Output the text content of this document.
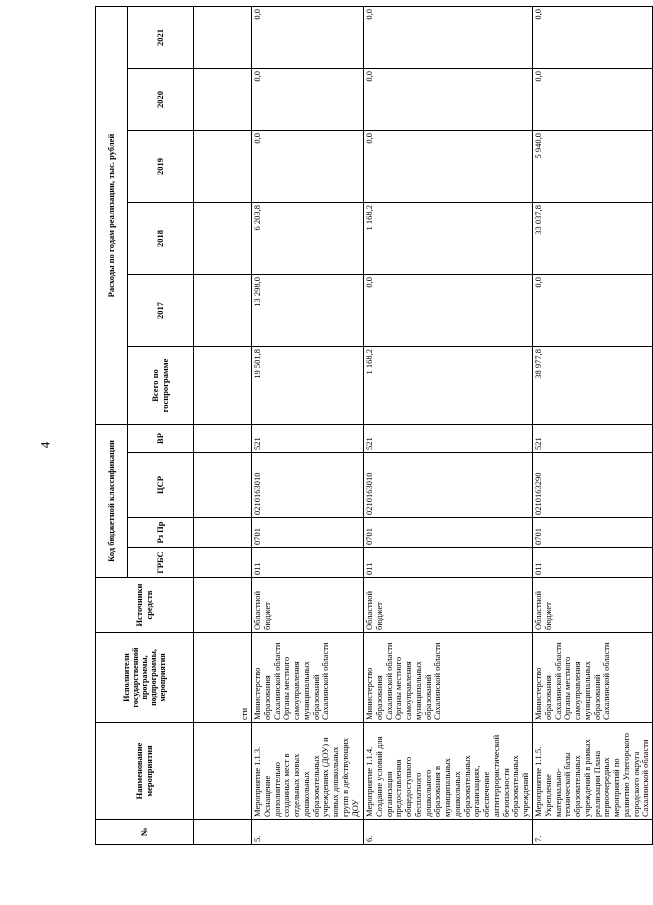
4
№	Наименование мероприятия	Исполнители государственной программы, подпрограммы, мероприятия	Источники средств	Код бюджетной классификации				Расходы по годам реализации, тыс. рублей					
				ГРБС	Рз Пр	ЦСР	ВР	Всего по госпрограмме	2017	2018	2019	2020	2021
		сти											
5.	Мероприятие 1.1.3. Оснащение дополнительно созданных мест в отдельных новых дошкольных образовательных учреждениях (ДОУ) и новых дошкольных групп в действующих ДОУ	Министерство образования Сахалинской области Органы местного самоуправления муниципальных образований Сахалинской области	Областной бюджет	011	0701	0210163010	521	19 501,8	13 298,0	6 203,8	0,0	0,0	0,0
6.	Мероприятие 1.1.4. Создание условий для организации предоставления общедоступного бесплатного дошкольного образования в муниципальных дошкольных образовательных организациях, обеспечение антитеррористической безопасности образовательных учреждений	Министерство образования Сахалинской области Органы местного самоуправления муниципальных образований Сахалинской области	Областной бюджет	011	0701	0210163010	521	1 168,2	0,0	1 168,2	0,0	0,0	0,0
7.	Мероприятие 1.1.5. Укрепление материально-технической базы образовательных учреждений в рамках реализации Плана первоочередных мероприятий по развитию Углегорского городского округа Сахалинской области	Министерство образования Сахалинской области Органы местного самоуправления муниципальных образований Сахалинской области	Областной бюджет	011	0701	0210163290	521	38 977,8	0,0	33 037,8	5 940,0	0,0	0,0
